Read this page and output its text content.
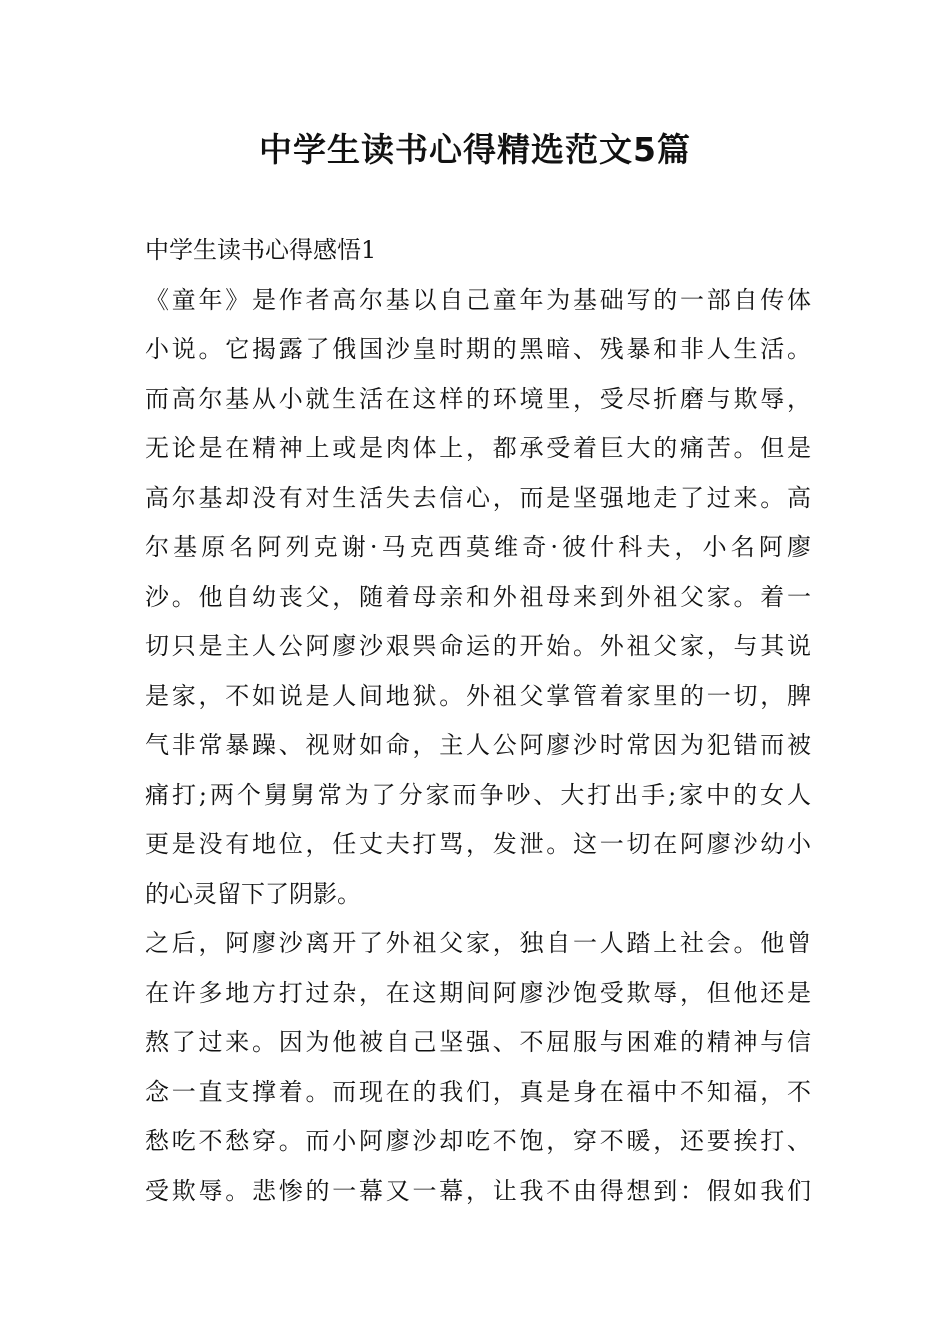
中学生读书心得精选范文5篇
中学生读书心得感悟1
《童年》是作者高尔基以自己童年为基础写的一部自传体
小说。它揭露了俄国沙皇时期的黑暗、残暴和非人生活。
而高尔基从小就生活在这样的环境里，受尽折磨与欺辱，
无论是在精神上或是肉体上，都承受着巨大的痛苦。但是
高尔基却没有对生活失去信心，而是坚强地走了过来。高
尔基原名阿列克谢·马克西莫维奇·彼什科夫，小名阿廖
沙。他自幼丧父，随着母亲和外祖母来到外祖父家。着一
切只是主人公阿廖沙艰巺命运的开始。外祖父家，与其说
是家，不如说是人间地狱。外祖父掌管着家里的一切，脾
气非常暴躁、视财如命，主人公阿廖沙时常因为犯错而被
痛打;两个舅舅常为了分家而争吵、大打出手;家中的女人
更是没有地位，任丈夫打骂，发泄。这一切在阿廖沙幼小
的心灵留下了阴影。
之后，阿廖沙离开了外祖父家，独自一人踏上社会。他曾
在许多地方打过杂，在这期间阿廖沙饱受欺辱，但他还是
熬了过来。因为他被自己坚强、不屈服与困难的精神与信
念一直支撑着。而现在的我们，真是身在福中不知福，不
愁吃不愁穿。而小阿廖沙却吃不饱，穿不暖，还要挨打、
受欺辱。悲惨的一幕又一幕，让我不由得想到：假如我们
